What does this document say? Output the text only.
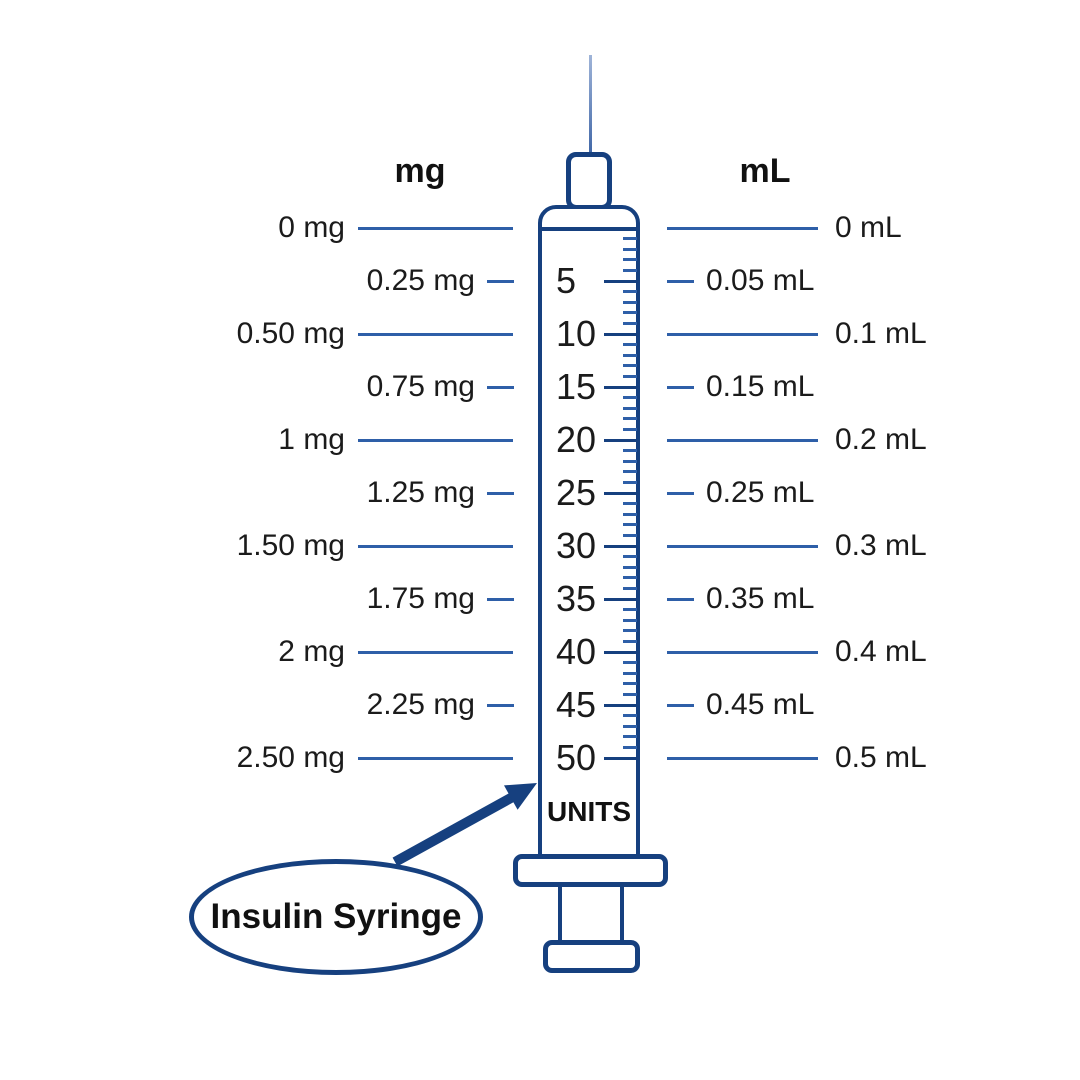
mg	mL
UNITS
0 mg	0 mL
0.25 mg	0.05 mL
5
0.50 mg	0.1 mL
10
0.75 mg	0.15 mL
15
1 mg	0.2 mL
20
1.25 mg	0.25 mL
25
1.50 mg	0.3 mL
30
1.75 mg	0.35 mL
35
2 mg	0.4 mL
40
2.25 mg	0.45 mL
45
2.50 mg	0.5 mL
50
Insulin Syringe
